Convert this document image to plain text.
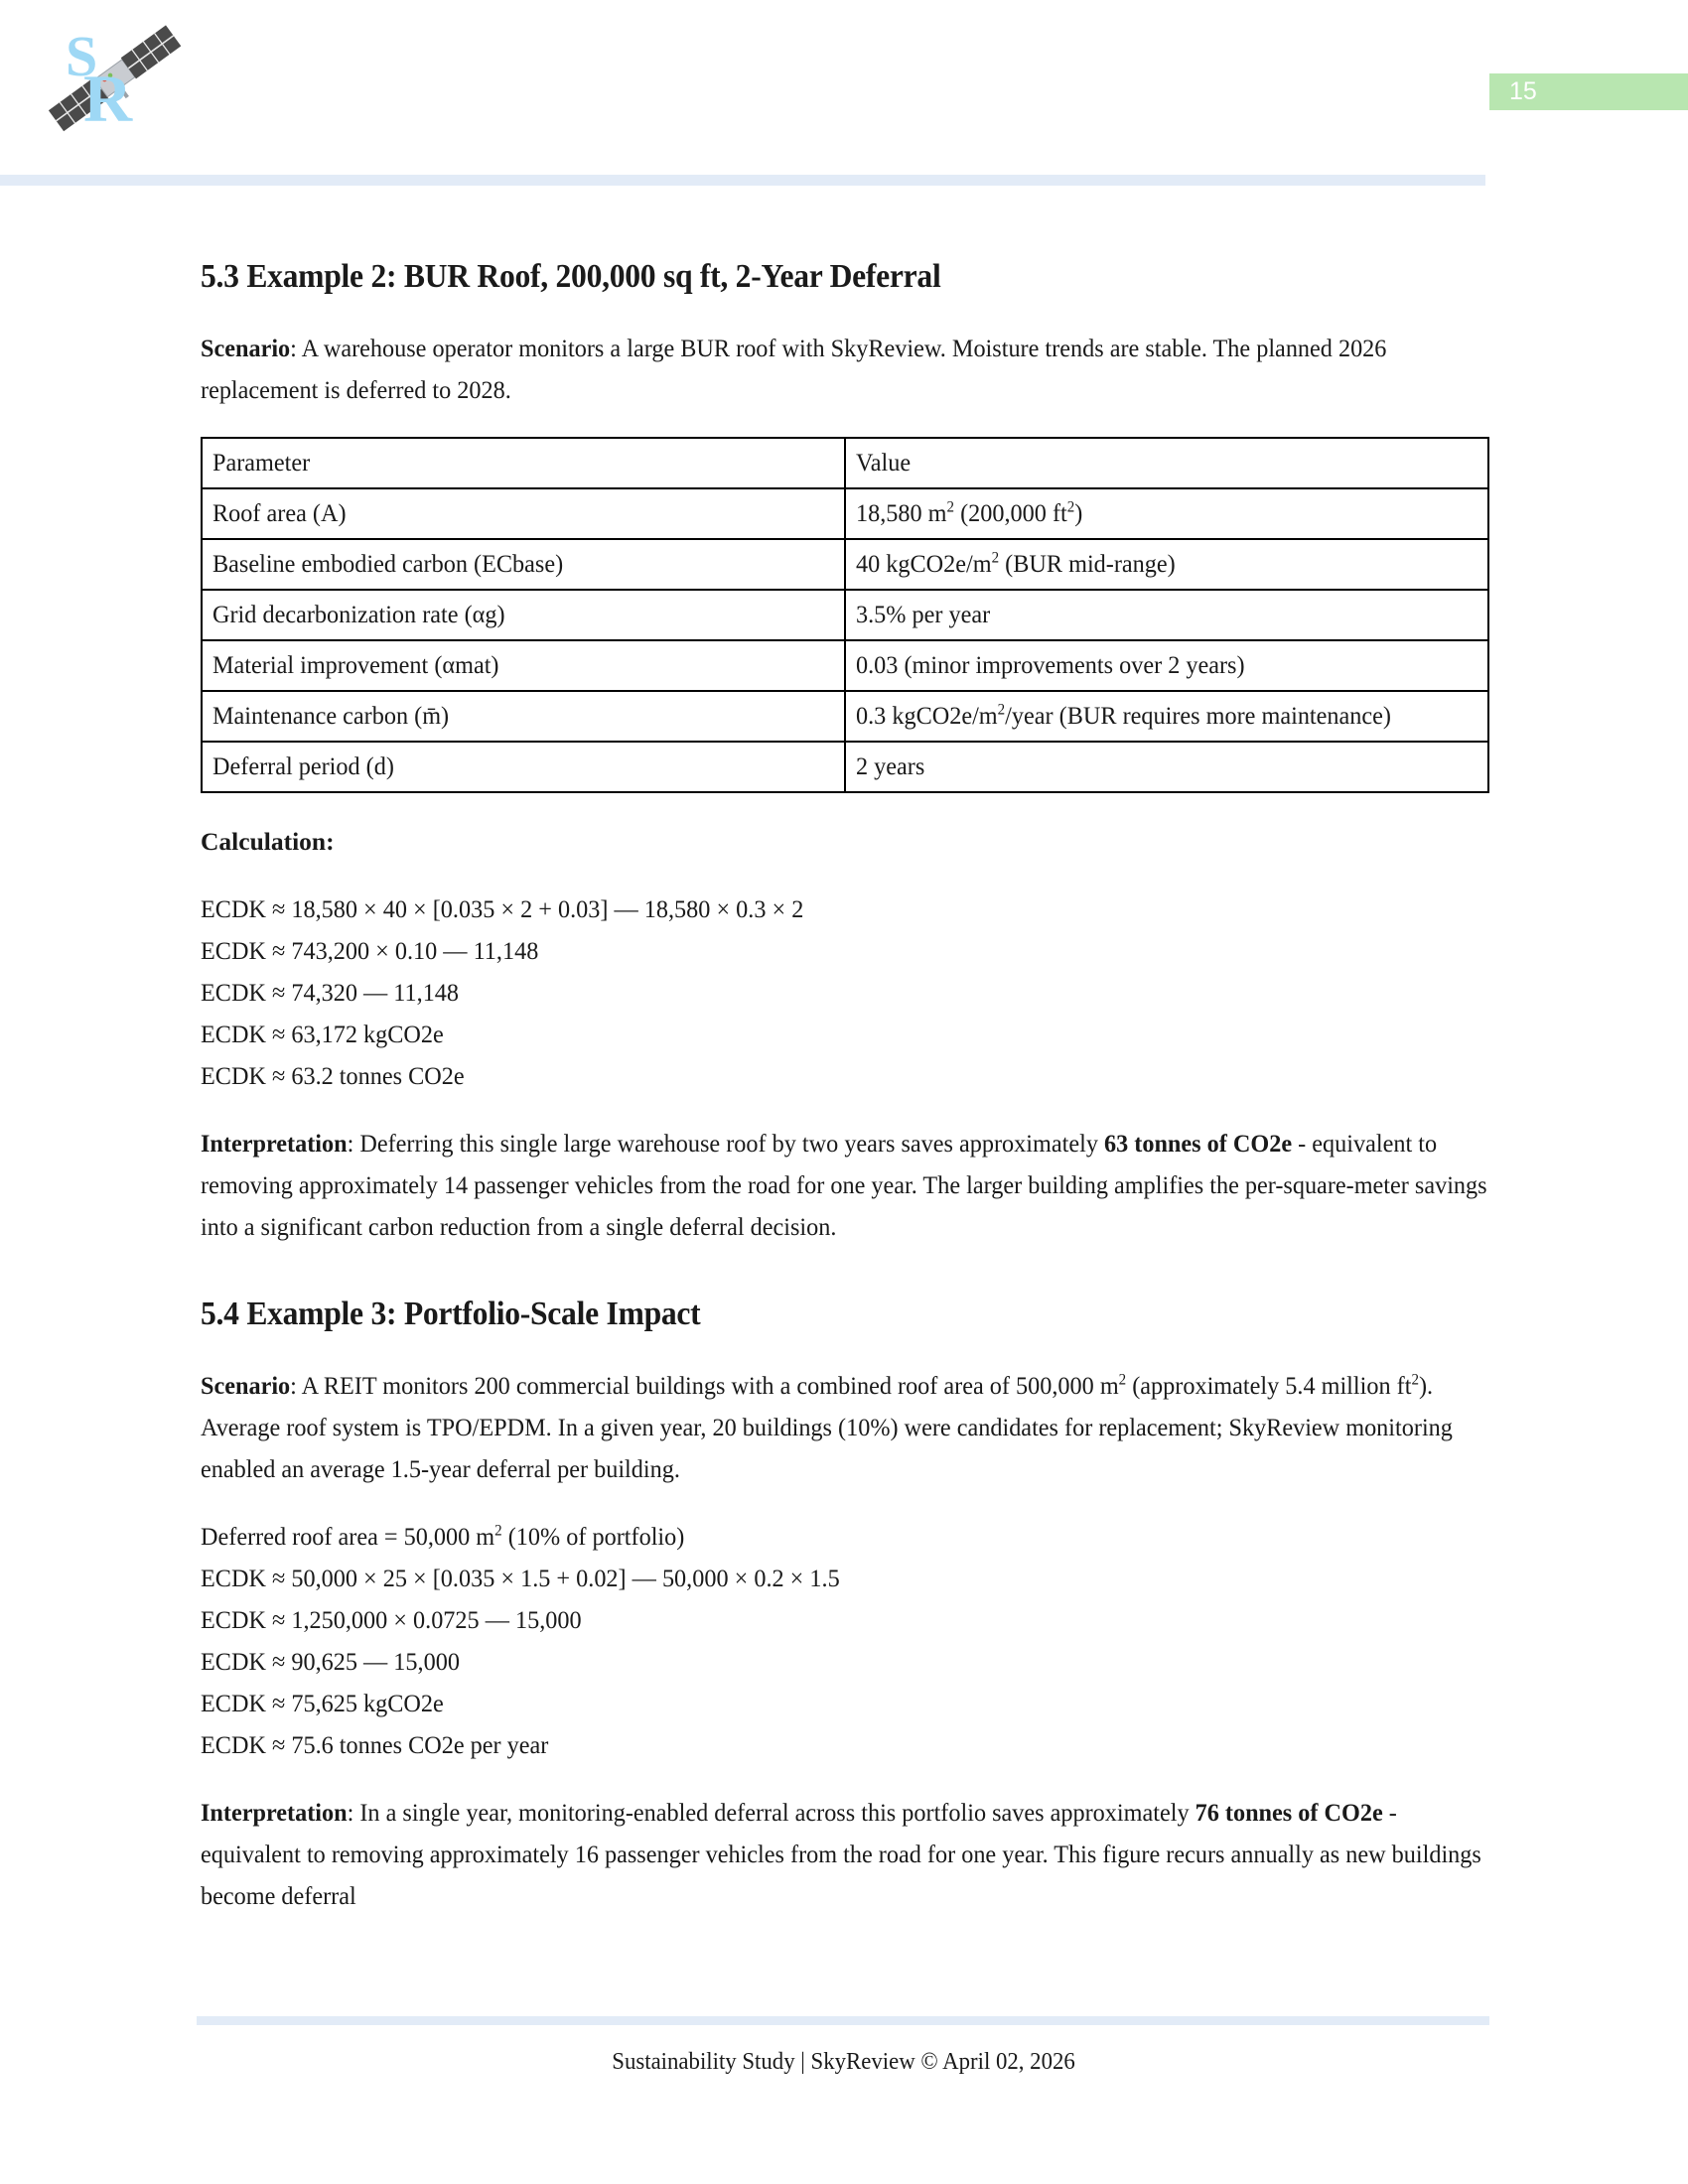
S
R	15
5.3 Example 2: BUR Roof, 200,000 sq ft, 2-Year Deferral

Scenario: A warehouse operator monitors a large BUR roof with SkyReview. Moisture trends are stable. The planned 2026 replacement is deferred to 2028.

Parameter	Value

Roof area (A)	18,580 $m^2$ (200,000 $ft^2$)

Baseline embodied carbon (ECbase)	40 $kgCO2e/m^2$ (BUR mid-range)

Grid decarbonization rate (αg)	3.5% per year

Material improvement (αmat)	0.03 (minor improvements over 2 years)

Maintenance carbon (m̄)	0.3 $kgCO2e/m^2$/year (BUR requires more maintenance)

Deferral period (d)	2 years
Calculation:
ECDK ≈ 18,580 × 40 × [0.035 × 2 + 0.03] — 18,580 × 0.3 × 2
ECDK ≈ 743,200 × 0.10 — 11,148
ECDK ≈ 74,320 — 11,148
ECDK ≈ 63,172 kgCO2e
ECDK ≈ 63.2 tonnes CO2e

Interpretation: Deferring this single large warehouse roof by two years saves approximately 63 tonnes of CO2e - equivalent to removing approximately 14 passenger vehicles from the road for one year. The larger building amplifies the per-square-meter savings into a significant carbon reduction from a single deferral decision.

5.4 Example 3: Portfolio-Scale Impact

Scenario: A REIT monitors 200 commercial buildings with a combined roof area of 500,000 $m^2$ (approximately 5.4 million $ft^2$). Average roof system is TPO/EPDM. In a given year, 20 buildings (10%) were candidates for replacement; SkyReview monitoring enabled an average 1.5-year deferral per building.

Deferred roof area = 50,000 $m^2$ (10% of portfolio)
ECDK ≈ 50,000 × 25 × [0.035 × 1.5 + 0.02] — 50,000 × 0.2 × 1.5
ECDK ≈ 1,250,000 × 0.0725 — 15,000
ECDK ≈ 90,625 — 15,000
ECDK ≈ 75,625 kgCO2e
ECDK ≈ 75.6 tonnes CO2e per year

Interpretation: In a single year, monitoring-enabled deferral across this portfolio saves approximately 76 tonnes of CO2e - equivalent to removing approximately 16 passenger vehicles from the road for one year. This figure recurs annually as new buildings become deferral

Sustainability Study | SkyReview © April 02, 2026
